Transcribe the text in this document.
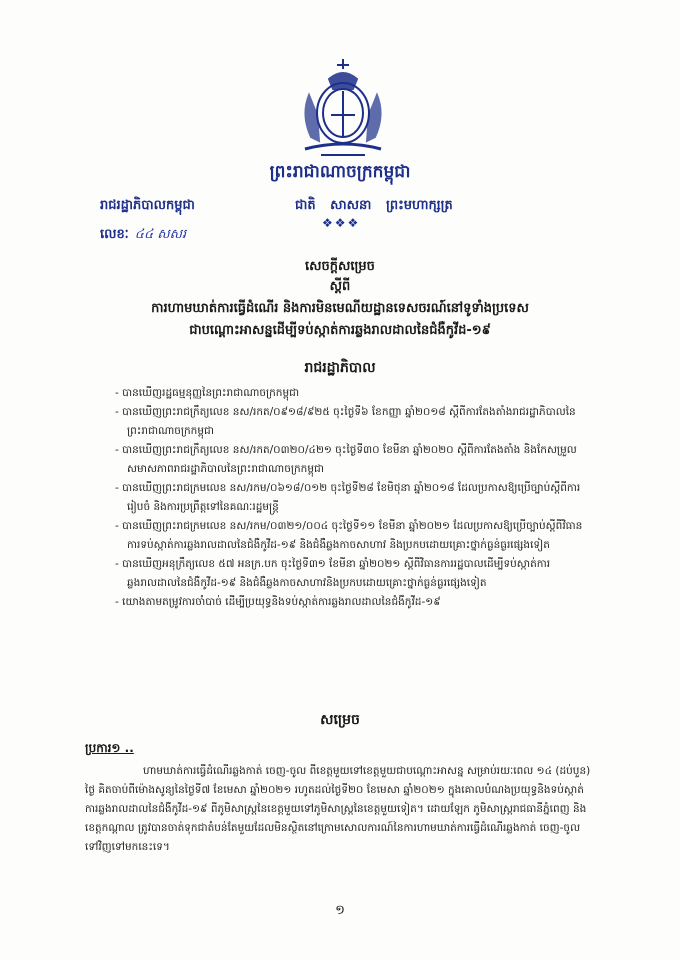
ព្រះរាជាណាចក្រកម្ពុជា
រាជរដ្ឋាភិបាលកម្ពុជា	ជាតិ សាសនា ព្រះមហាក្សត្រ
❖❖❖
លេខៈ ៤៤ សសរ
សេចក្តីសម្រេច
ស្តីពី
ការហាមឃាត់ការធ្វើដំណើរ និងការមិនមេណីយដ្ឋានទេសចរណ៍នៅទូទាំងប្រទេស
ជាបណ្តោះអាសន្នដើម្បីទប់ស្កាត់ការឆ្លងរាលដាលនៃជំងឺកូវីដ-១៩
រាជរដ្ឋាភិបាល
- បានឃើញរដ្ឋធម្មនុញ្ញនៃព្រះរាជាណាចក្រកម្ពុជា
- បានឃើញព្រះរាជក្រឹត្យលេខ នស/រកត/០៩១៨/៩២៥ ចុះថ្ងៃទី៦ ខែកញ្ញា ឆ្នាំ២០១៨ ស្តីពីការតែងតាំងរាជរដ្ឋាភិបាលនៃព្រះរាជាណាចក្រកម្ពុជា
- បានឃើញព្រះរាជក្រឹត្យលេខ នស/រកត/០៣២០/៤២១ ចុះថ្ងៃទី៣០ ខែមីនា ឆ្នាំ២០២០ ស្តីពីការតែងតាំង និងកែសម្រួលសមាសភាពរាជរដ្ឋាភិបាលនៃព្រះរាជាណាចក្រកម្ពុជា
- បានឃើញព្រះរាជក្រមលេខ នស/រកម/០៦១៨/០១២ ចុះថ្ងៃទី២៨ ខែមិថុនា ឆ្នាំ២០១៨ ដែលប្រកាសឱ្យប្រើច្បាប់ស្តីពីការរៀបចំ និងការប្រព្រឹត្តទៅនៃគណៈរដ្ឋមន្ត្រី
- បានឃើញព្រះរាជក្រមលេខ នស/រកម/០៣២១/០០៤ ចុះថ្ងៃទី១១ ខែមីនា ឆ្នាំ២០២១ ដែលប្រកាសឱ្យប្រើច្បាប់ស្តីពីវិធានការទប់ស្កាត់ការឆ្លងរាលដាលនៃជំងឺកូវីដ-១៩ និងជំងឺឆ្លងកាចសាហាវ និងប្រកបដោយគ្រោះថ្នាក់ធ្ងន់ធ្ងរផ្សេងទៀត
- បានឃើញអនុក្រឹត្យលេខ ៥៧ អនក្រ.បក ចុះថ្ងៃទី៣១ ខែមីនា ឆ្នាំ២០២១ ស្តីពីវិធានការរដ្ឋបាលដើម្បីទប់ស្កាត់ការឆ្លងរាលដាលនៃជំងឺកូវីដ-១៩ និងជំងឺឆ្លងកាចសាហាវនិងប្រកបដោយគ្រោះថ្នាក់ធ្ងន់ធ្ងរផ្សេងទៀត
- យោងតាមតម្រូវការចាំបាច់ ដើម្បីប្រយុទ្ធនិងទប់ស្កាត់ការឆ្លងរាលដាលនៃជំងឺកូវីដ-១៩
សម្រេច
ប្រការ១ ..

ហាមឃាត់ការធ្វើដំណើរឆ្លងកាត់ ចេញ-ចូល ពីខេត្តមួយទៅខេត្តមួយជាបណ្តោះអាសន្ន សម្រាប់រយៈពេល ១៤ (ដប់បួន) ថ្ងៃ គិតចាប់ពីម៉ោងសូន្យនៃថ្ងៃទី៧ ខែមេសា ឆ្នាំ២០២១ រហូតដល់ថ្ងៃទី២០ ខែមេសា ឆ្នាំ២០២១ ក្នុងគោលបំណងប្រយុទ្ធនិងទប់ស្កាត់ការឆ្លងរាលដាលនៃជំងឺកូវីដ-១៩ ពីភូមិសាស្ត្រនៃខេត្តមួយទៅភូមិសាស្ត្រនៃខេត្តមួយទៀត។ ដោយឡែក ភូមិសាស្ត្ររាជធានីភ្នំពេញ និងខេត្តកណ្តាល ត្រូវបានចាត់ទុកជាតំបន់តែមួយដែលមិនស្ថិតនៅក្រោមសោលការណ៍នៃការហាមឃាត់ការធ្វើដំណើរឆ្លងកាត់ ចេញ-ចូល ទៅវិញទៅមកនេះទេ។

១
